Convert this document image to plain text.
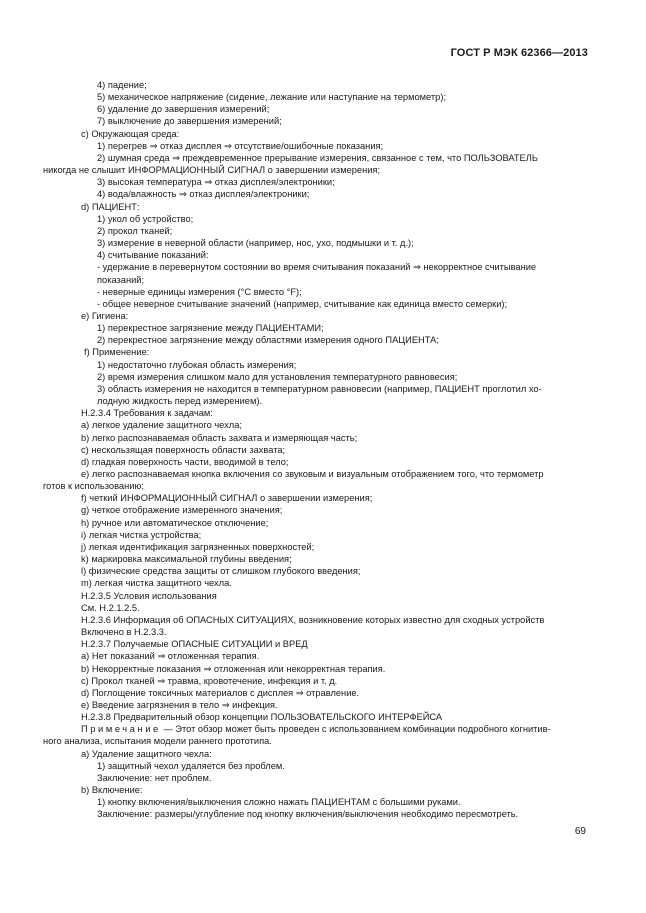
ГОСТ Р МЭК 62366—2013
4) падение;
5) механическое напряжение (сидение, лежание или наступание на термометр);
6) удаление до завершения измерений;
7) выключение до завершения измерений;
с) Окружающая среда:
1) перегрев ⇒ отказ дисплея ⇒ отсутствие/ошибочные показания;
2) шумная среда ⇒ преждевременное прерывание измерения, связанное с тем, что ПОЛЬЗОВАТЕЛЬ
никогда не слышит ИНФОРМАЦИОННЫЙ СИГНАЛ о завершении измерения;
3) высокая температура ⇒ отказ дисплея/электроники;
4) вода/влажность ⇒ отказ дисплея/электроники;
d) ПАЦИЕНТ:
1) укол об устройство;
2) прокол тканей;
3) измерение в неверной области (например, нос, ухо, подмышки и т. д.);
4) считывание показаний:
- удержание в перевернутом состоянии во время считывания показаний ⇒ некорректное считывание
показаний;
- неверные единицы измерения (°С вместо °F);
- общее неверное считывание значений (например, считывание как единица вместо семерки);
е) Гигиена:
1) перекрестное загрязнение между ПАЦИЕНТАМИ;
2) перекрестное загрязнение между областями измерения одного ПАЦИЕНТА;
f) Применение:
1) недостаточно глубокая область измерения;
2) время измерения слишком мало для установления температурного равновесия;
3) область измерения не находится в температурном равновесии (например, ПАЦИЕНТ проглотил хо-
лодную жидкость перед измерением).
Н.2.3.4 Требования к задачам:
а) легкое удаление защитного чехла;
b) легко распознаваемая область захвата и измеряющая часть;
с) нескользящая поверхность области захвата;
d) гладкая поверхность части, вводимой в тело;
е) легко распознаваемая кнопка включения со звуковым и визуальным отображением того, что термометр
готов к использованию;
f) четкий ИНФОРМАЦИОННЫЙ СИГНАЛ о завершении измерения;
g) четкое отображение измеренного значения;
h) ручное или автоматическое отключение;
i) легкая чистка устройства;
j) легкая идентификация загрязненных поверхностей;
k) маркировка максимальной глубины введения;
l) физические средства защиты от слишком глубокого введения;
m) легкая чистка защитного чехла.
Н.2.3.5 Условия использования
См. Н.2.1.2.5.
Н.2.3.6 Информация об ОПАСНЫХ СИТУАЦИЯХ, возникновение которых известно для сходных устройств
Включено в Н.2.3.3.
Н.2.3.7 Получаемые ОПАСНЫЕ СИТУАЦИИ и ВРЕД
а) Нет показаний ⇒ отложенная терапия.
b) Некорректные показания ⇒ отложенная или некорректная терапия.
с) Прокол тканей ⇒ травма, кровотечение, инфекция и т. д.
d) Поглощение токсичных материалов с дисплея ⇒ отравление.
е) Введение загрязнения в тело ⇒ инфекция.
Н.2.3.8 Предварительный обзор концепции ПОЛЬЗОВАТЕЛЬСКОГО ИНТЕРФЕЙСА
Примечание — Этот обзор может быть проведен с использованием комбинации подробного когнитив-
ного анализа, испытания модели раннего прототипа.
а) Удаление защитного чехла:
1) защитный чехол удаляется без проблем.
Заключение: нет проблем.
b) Включение:
1) кнопку включения/выключения сложно нажать ПАЦИЕНТАМ с большими руками.
Заключение: размеры/углубление под кнопку включения/выключения необходимо пересмотреть.
69
